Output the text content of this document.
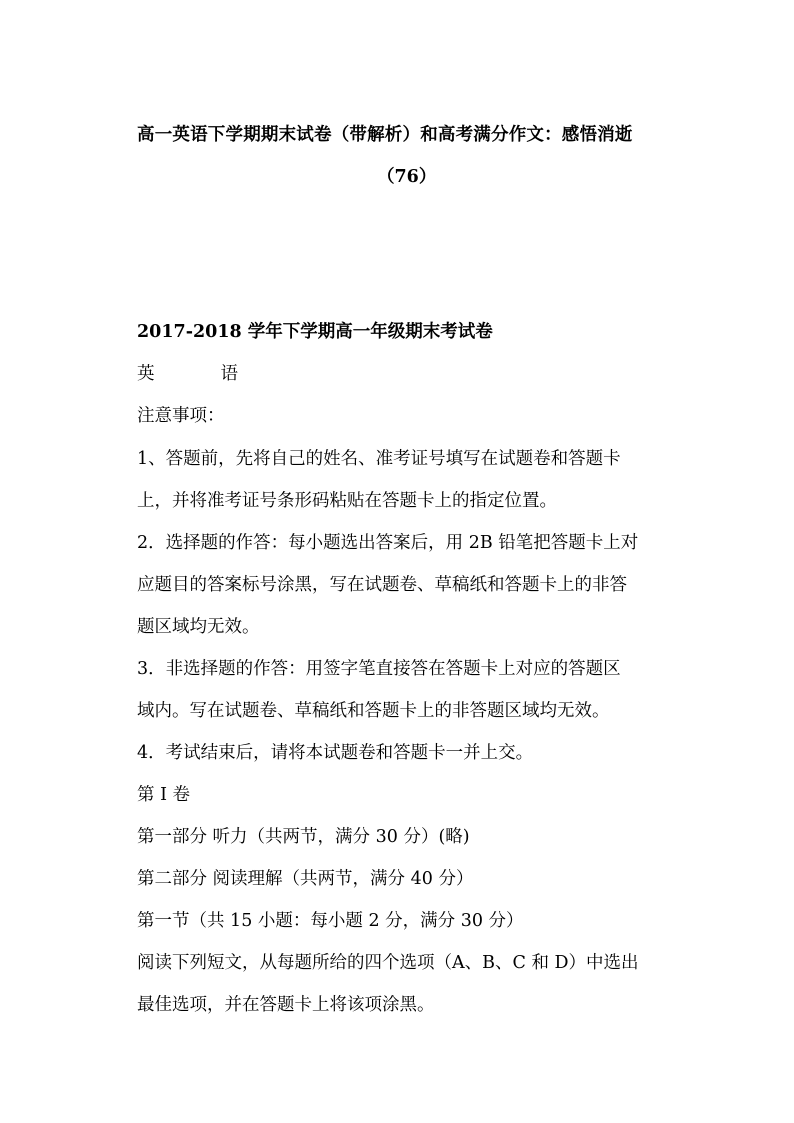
高一英语下学期期末试卷（带解析）和高考满分作文：感悟消逝
（76）
2017-2018 学年下学期高一年级期末考试卷
英	语
注意事项：
1、答题前，先将自己的姓名、准考证号填写在试题卷和答题卡
上，并将准考证号条形码粘贴在答题卡上的指定位置。
2．选择题的作答：每小题选出答案后，用 2B 铅笔把答题卡上对
应题目的答案标号涂黑，写在试题卷、草稿纸和答题卡上的非答
题区域均无效。
3．非选择题的作答：用签字笔直接答在答题卡上对应的答题区
域内。写在试题卷、草稿纸和答题卡上的非答题区域均无效。
4．考试结束后，请将本试题卷和答题卡一并上交。
第 I 卷
第一部分 听力（共两节，满分 30 分）(略)
第二部分 阅读理解（共两节，满分 40 分）
第一节（共 15 小题：每小题 2 分，满分 30 分）
阅读下列短文，从每题所给的四个选项（A、B、C 和 D）中选出
最佳选项，并在答题卡上将该项涂黑。
